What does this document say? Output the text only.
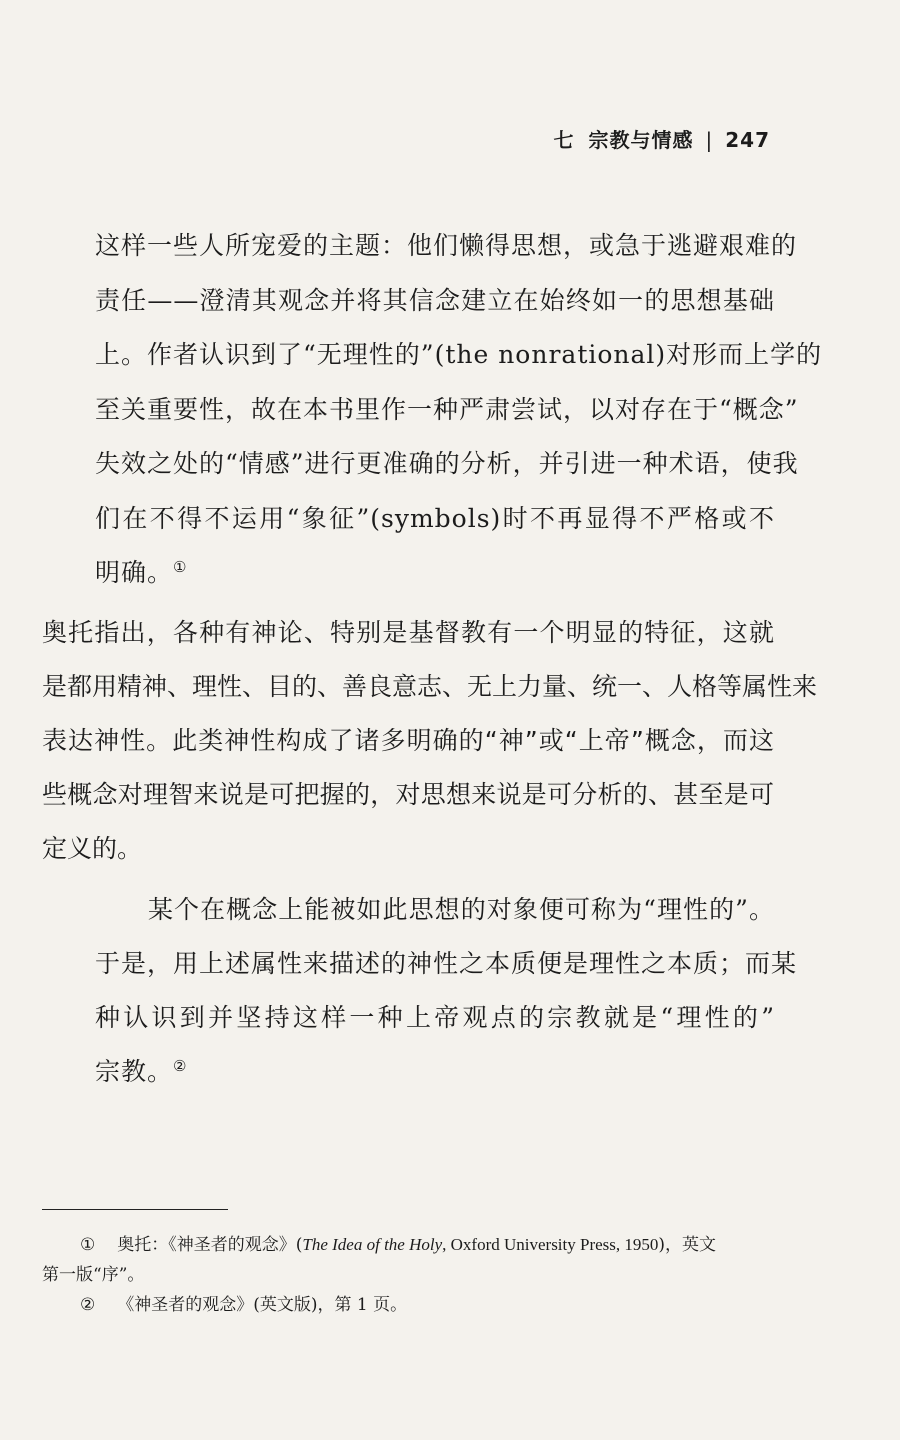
七 宗教与情感 | 247
这样一些人所宠爱的主题：他们懒得思想，或急于逃避艰难的
责任——澄清其观念并将其信念建立在始终如一的思想基础
上。作者认识到了“无理性的”(the nonrational)对形而上学的
至关重要性，故在本书里作一种严肃尝试，以对存在于“概念”
失效之处的“情感”进行更准确的分析，并引进一种术语，使我
们在不得不运用“象征”(symbols)时不再显得不严格或不
明确。①
奥托指出，各种有神论、特别是基督教有一个明显的特征，这就
是都用精神、理性、目的、善良意志、无上力量、统一、人格等属性来
表达神性。此类神性构成了诸多明确的“神”或“上帝”概念，而这
些概念对理智来说是可把握的，对思想来说是可分析的、甚至是可
定义的。
某个在概念上能被如此思想的对象便可称为“理性的”。
于是，用上述属性来描述的神性之本质便是理性之本质；而某
种认识到并坚持这样一种上帝观点的宗教就是“理性的”
宗教。②
① 奥托：《神圣者的观念》(The Idea of the Holy, Oxford University Press, 1950)，英文
第一版“序”。
② 《神圣者的观念》(英文版)，第 1 页。
